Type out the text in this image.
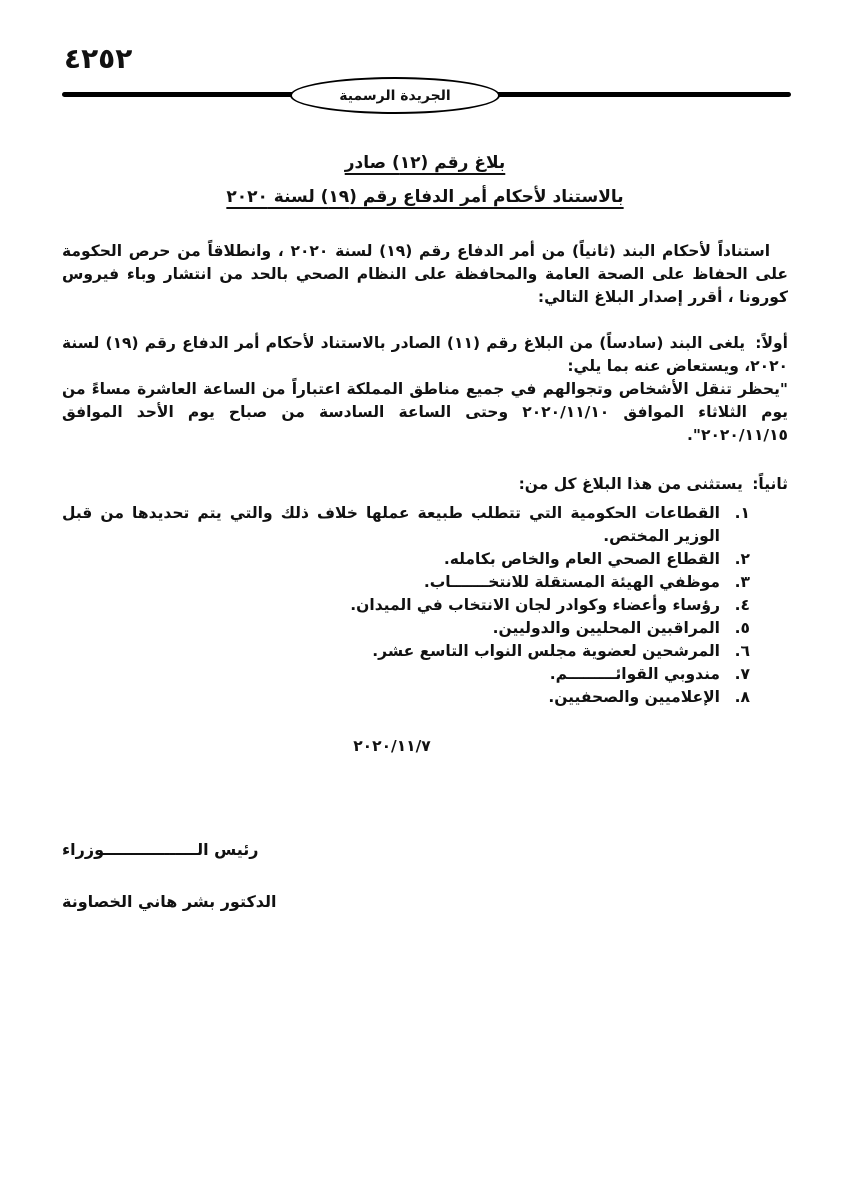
٤٢٥٢
الجريدة الرسمية
بلاغ رقم (١٢) صادر
بالاستناد لأحكام أمر الدفاع رقم (١٩) لسنة ٢٠٢٠

استناداً لأحكام البند (ثانياً) من أمر الدفاع رقم (١٩) لسنة ٢٠٢٠ ، وانطلاقاً من حرص الحكومة على الحفاظ على الصحة العامة والمحافظة على النظام الصحي بالحد من انتشار وباء فيروس كورونا ، أقرر إصدار البلاغ التالي:

أولاً: يلغى البند (سادساً) من البلاغ رقم (١١) الصادر بالاستناد لأحكام أمر الدفاع رقم (١٩) لسنة ٢٠٢٠، ويستعاض عنه بما يلي:

"يحظر تنقل الأشخاص وتجوالهم في جميع مناطق المملكة اعتباراً من الساعة العاشرة مساءً من يوم الثلاثاء الموافق ٢٠٢٠/١١/١٠ وحتى الساعة السادسة من صباح يوم الأحد الموافق ٢٠٢٠/١١/١٥".

ثانياً: يستثنى من هذا البلاغ كل من:

١.
القطاعات الحكومية التي تتطلب طبيعة عملها خلاف ذلك والتي يتم تحديدها من قبل الوزير المختص.
٢.
القطاع الصحي العام والخاص بكامله.
٣.
موظفي الهيئة المستقلة للانتخـــــــاب.
٤.
رؤساء وأعضاء وكوادر لجان الانتخاب في الميدان.
٥.
المراقبين المحليين والدوليين.
٦.
المرشحين لعضوية مجلس النواب التاسع عشر.
٧.
مندوبي القوائـــــــــم.
٨.
الإعلاميين والصحفيين.
٢٠٢٠/١١/٧
رئيس الـــــــــــــــــوزراء
الدكتور بشر هاني الخصاونة
